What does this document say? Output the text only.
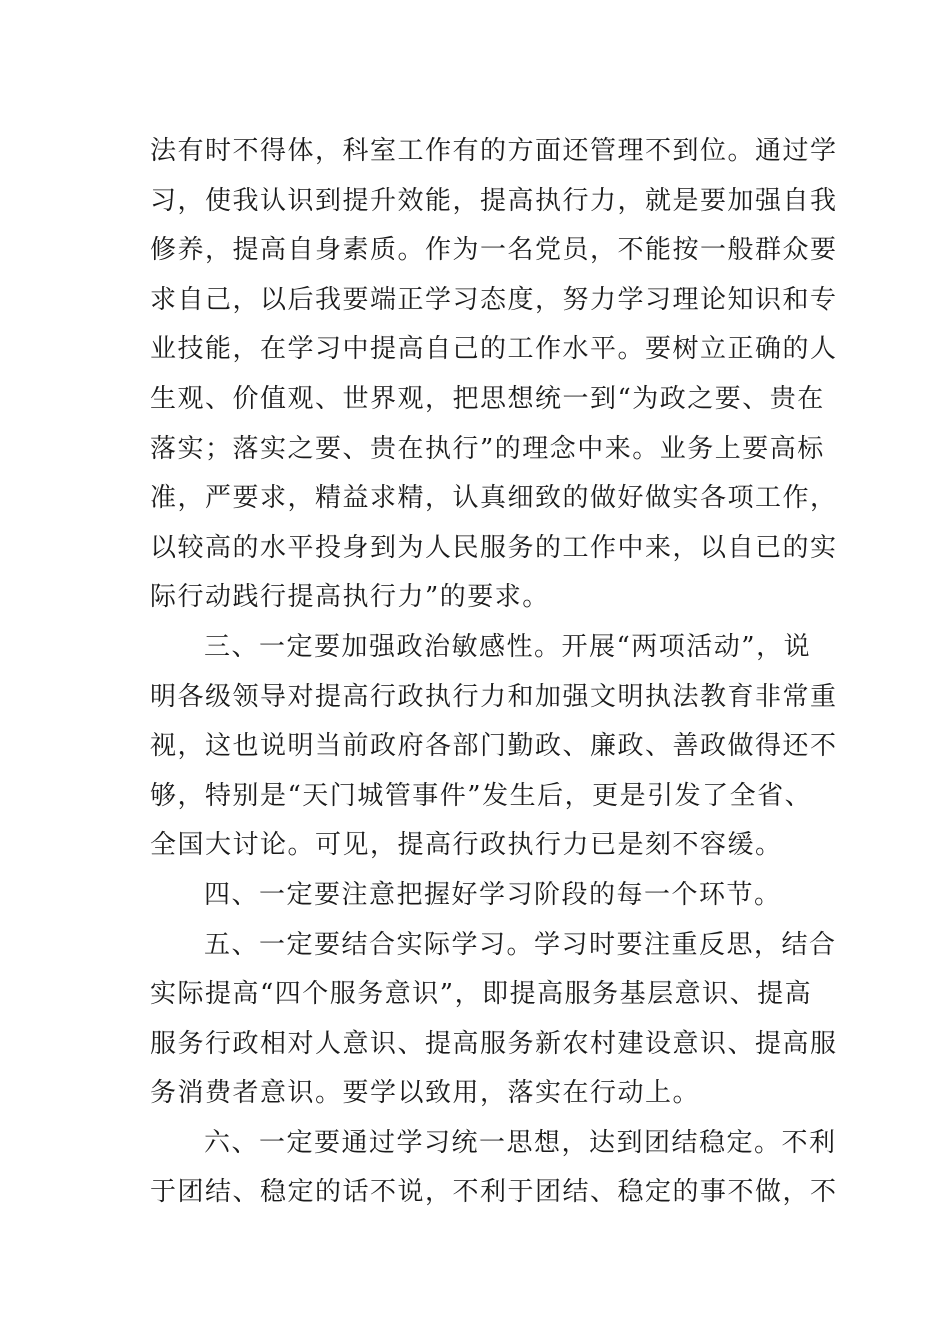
法有时不得体，科室工作有的方面还管理不到位。通过学
习，使我认识到提升效能，提高执行力，就是要加强自我
修养，提高自身素质。作为一名党员，不能按一般群众要
求自己，以后我要端正学习态度，努力学习理论知识和专
业技能，在学习中提高自己的工作水平。要树立正确的人
生观、价值观、世界观，把思想统一到“为政之要、贵在
落实；落实之要、贵在执行”的理念中来。业务上要高标
准，严要求，精益求精，认真细致的做好做实各项工作，
以较高的水平投身到为人民服务的工作中来，以自已的实
际行动践行提高执行力”的要求。
三、一定要加强政治敏感性。开展“两项活动”，说
明各级领导对提高行政执行力和加强文明执法教育非常重
视，这也说明当前政府各部门勤政、廉政、善政做得还不
够，特别是“天门城管事件”发生后，更是引发了全省、
全国大讨论。可见，提高行政执行力已是刻不容缓。
四、一定要注意把握好学习阶段的每一个环节。
五、一定要结合实际学习。学习时要注重反思，结合
实际提高“四个服务意识”，即提高服务基层意识、提高
服务行政相对人意识、提高服务新农村建设意识、提高服
务消费者意识。要学以致用，落实在行动上。
六、一定要通过学习统一思想，达到团结稳定。不利
于团结、稳定的话不说，不利于团结、稳定的事不做，不
